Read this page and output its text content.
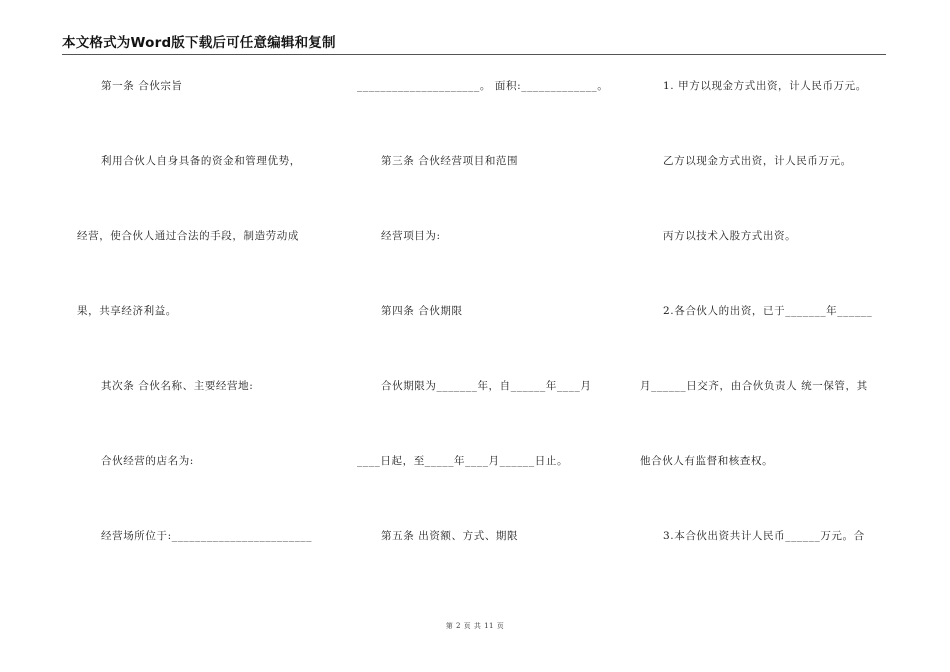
本文格式为Word版下载后可任意编辑和复制
第一条 合伙宗旨
利用合伙人自身具备的资金和管理优势，
经营，使合伙人通过合法的手段，制造劳动成
果，共享经济利益。
其次条 合伙名称、主要经营地:
合伙经营的店名为:
经营场所位于:________________________
_____________________。 面积:_____________。
第三条 合伙经营项目和范围
经营项目为:
第四条 合伙期限
合伙期限为_______年，自______年____月
____日起，至_____年____月______日止。
第五条 出资额、方式、期限
1. 甲方以现金方式出资，计人民币万元。
乙方以现金方式出资，计人民币万元。
丙方以技术入股方式出资。
2.各合伙人的出资，已于_______年______
月______日交齐，由合伙负责人 统一保管，其
他合伙人有监督和核查权。
3.本合伙出资共计人民币______万元。合
第 2 页 共 11 页
